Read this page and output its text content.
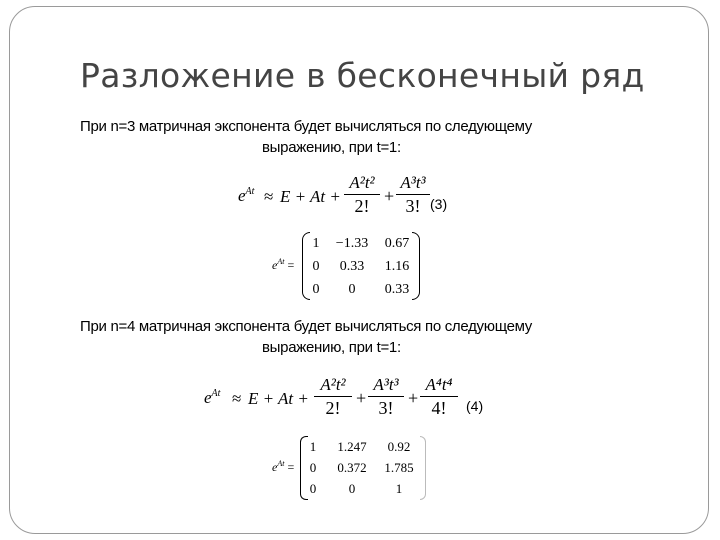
Разложение в бесконечный ряд
При n=3 матричная экспонента будет вычисляться по следующему
выражению, при t=1:
$e^{At} \approx E + At$ +
A²t²
2! +
A³t³
3! (3)
$e^{At}$ =
1	−1.33	0.67
0	0.33	1.16
0	0	0.33
При n=4 матричная экспонента будет вычисляться по следующему
выражению, при t=1:
$e^{At} \approx E + At$ +
A²t²
2! +
A³t³
3! +
A⁴t⁴
4!	(4)
$e^{At}$ =
1	1.247	0.92
0	0.372	1.785
0	0	1
